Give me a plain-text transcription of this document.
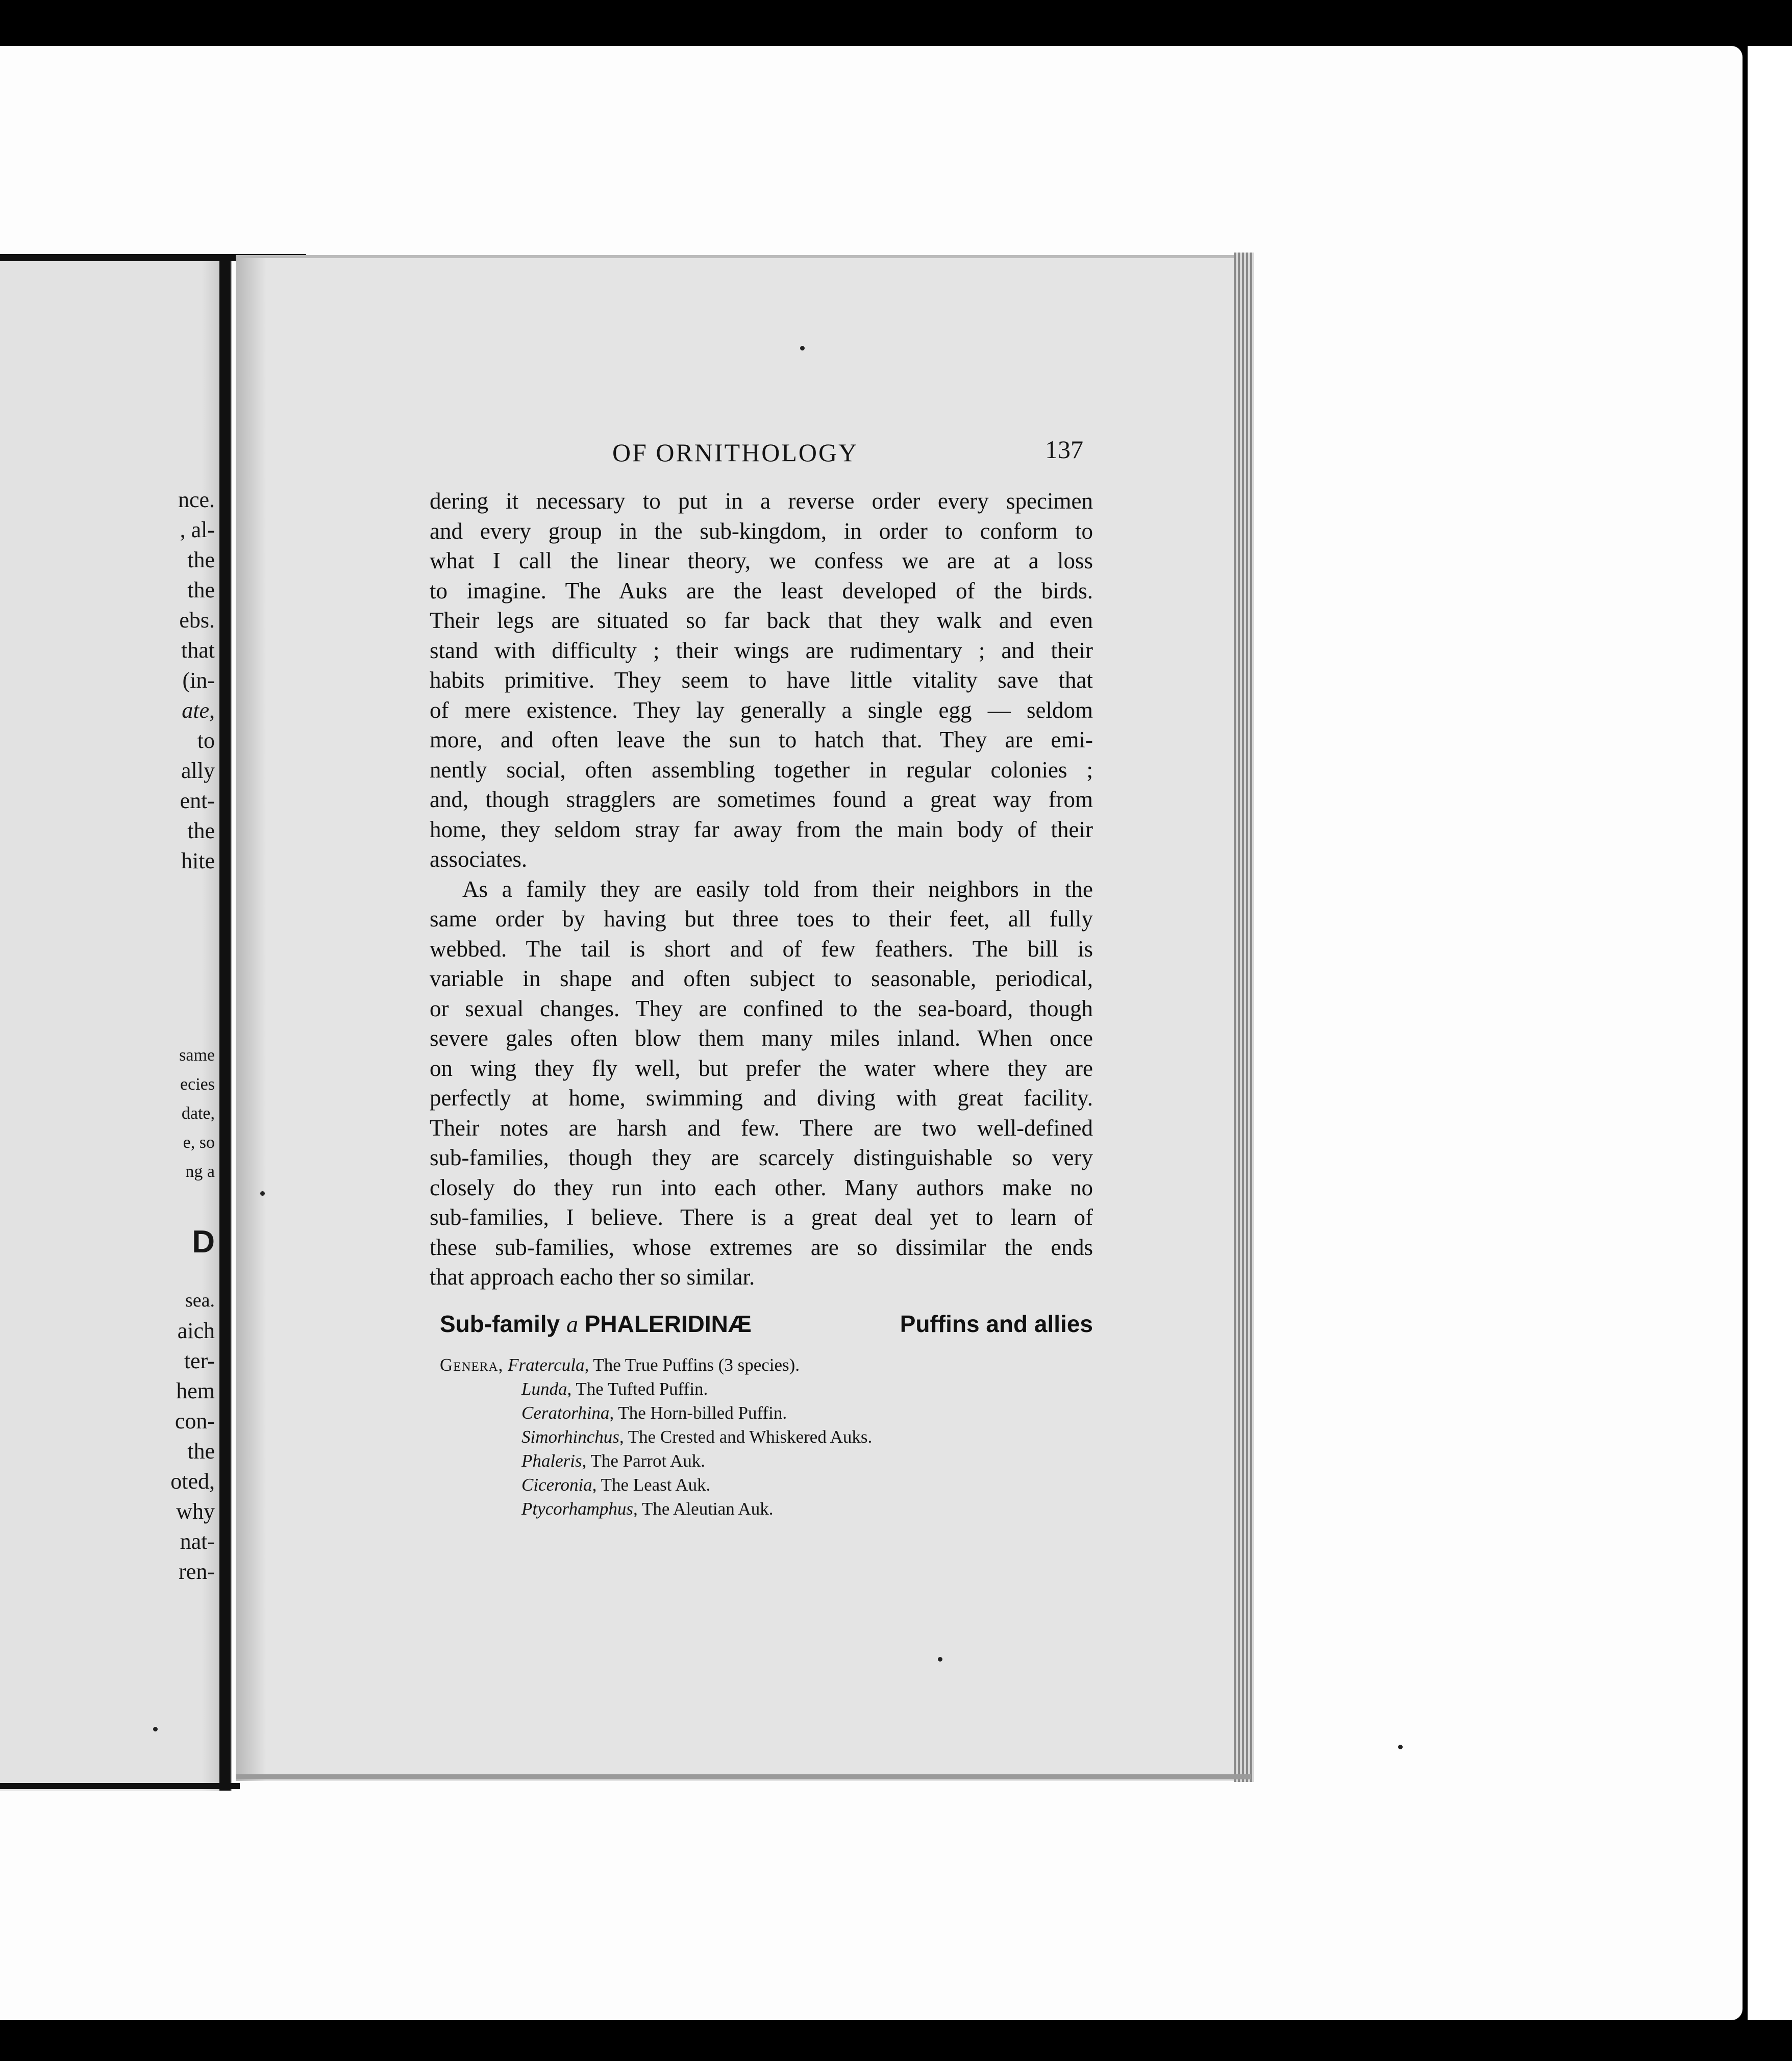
nce.
, al-
the
the
ebs.
that
(in-
ate,
to
ally
ent-
the
hite
same
ecies
date,
e, so
ng a
D
sea.
aich
ter-
hem
con-
the
oted,
why
nat-
ren-
OF ORNITHOLOGY	137
dering it necessary to put in a reverse order every specimen
and every group in the sub-kingdom, in order to conform to
what I call the linear theory, we confess we are at a loss
to imagine. The Auks are the least developed of the birds.
Their legs are situated so far back that they walk and even
stand with difficulty ; their wings are rudimentary ; and their
habits primitive. They seem to have little vitality save that
of mere existence. They lay generally a single egg — seldom
more, and often leave the sun to hatch that. They are emi-
nently social, often assembling together in regular colonies ;
and, though stragglers are sometimes found a great way from
home, they seldom stray far away from the main body of their
associates.
As a family they are easily told from their neighbors in the
same order by having but three toes to their feet, all fully
webbed. The tail is short and of few feathers. The bill is
variable in shape and often subject to seasonable, periodical,
or sexual changes. They are confined to the sea-board, though
severe gales often blow them many miles inland. When once
on wing they fly well, but prefer the water where they are
perfectly at home, swimming and diving with great facility.
Their notes are harsh and few. There are two well-defined
sub-families, though they are scarcely distinguishable so very
closely do they run into each other. Many authors make no
sub-families, I believe. There is a great deal yet to learn of
these sub-families, whose extremes are so dissimilar the ends
that approach eacho ther so similar.
Sub-family a PHALERIDINÆ	Puffins and allies
Genera, Fratercula, The True Puffins (3 species).
Lunda, The Tufted Puffin.
Ceratorhina, The Horn-billed Puffin.
Simorhinchus, The Crested and Whiskered Auks.
Phaleris, The Parrot Auk.
Ciceronia, The Least Auk.
Ptycorhamphus, The Aleutian Auk.
